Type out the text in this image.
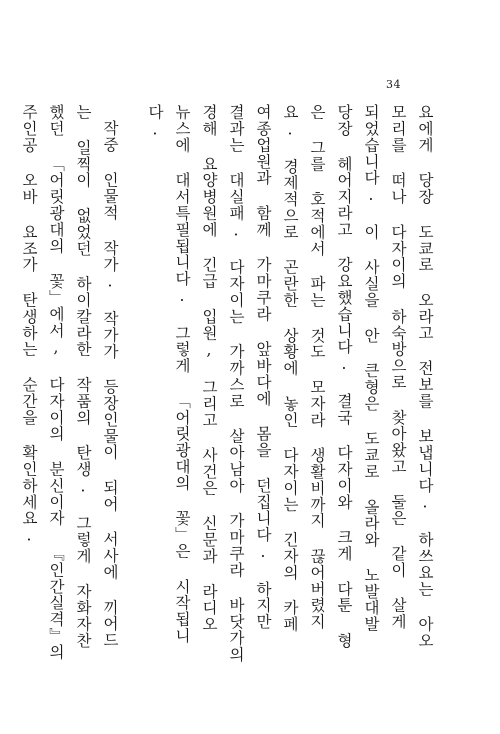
34

요에게 당장 도쿄로 오라고 전보를 보냅니다. 하쓰요는 아오모리를 떠나 다자이의 하숙방으로 찾아왔고 둘은 같이 살게 되었습니다. 이 사실을 안 큰형은 도쿄로 올라와 노발대발 당장 헤어지라고 강요했습니다. 결국 다자이와 크게 다툰 형은 그를 호적에서 파는 것도 모자라 생활비까지 끊어버렸지요. 경제적으로 곤란한 상황에 놓인 다자이는 긴자의 카페 여종업원과 함께 가마쿠라 앞바다에 몸을 던집니다. 하지만 결과는 대실패. 다자이는 가까스로 살아남아 가마쿠라 바닷가의 경해 요양병원에 긴급 입원, 그리고 사건은 신문과 라디오 뉴스에 대서특필됩니다. 그렇게 「어릿광대의 꽃」은 시작됩니다.

작중 인물적 작가. 작가가 등장인물이 되어 서사에 끼어드는 일찍이 없었던 하이칼라한 작품의 탄생. 그렇게 자화자찬했던 「어릿광대의 꽃」에서, 다자이의 분신이자 『인간실격』의 주인공 오바 요조가 탄생하는 순간을 확인하세요.
